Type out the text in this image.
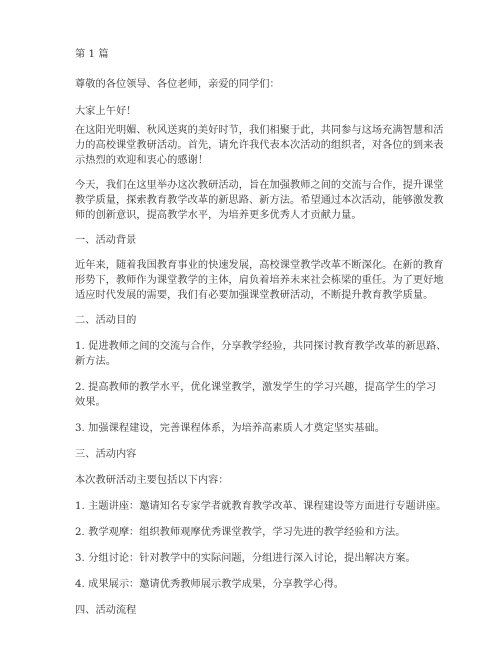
第 1 篇
尊敬的各位领导、各位老师，亲爱的同学们：
大家上午好！
在这阳光明媚、秋风送爽的美好时节，我们相聚于此，共同参与这场充满智慧和活
力的高校课堂教研活动。首先，请允许我代表本次活动的组织者，对各位的到来表
示热烈的欢迎和衷心的感谢！
今天，我们在这里举办这次教研活动，旨在加强教师之间的交流与合作，提升课堂
教学质量，探索教育教学改革的新思路、新方法。希望通过本次活动，能够激发教
师的创新意识，提高教学水平，为培养更多优秀人才贡献力量。
一、活动背景
近年来，随着我国教育事业的快速发展，高校课堂教学改革不断深化。在新的教育
形势下，教师作为课堂教学的主体，肩负着培养未来社会栋梁的重任。为了更好地
适应时代发展的需要，我们有必要加强课堂教研活动，不断提升教育教学质量。
二、活动目的
1. 促进教师之间的交流与合作，分享教学经验，共同探讨教育教学改革的新思路、
新方法。
2. 提高教师的教学水平，优化课堂教学，激发学生的学习兴趣，提高学生的学习
效果。
3. 加强课程建设，完善课程体系，为培养高素质人才奠定坚实基础。
三、活动内容
本次教研活动主要包括以下内容：
1. 主题讲座：邀请知名专家学者就教育教学改革、课程建设等方面进行专题讲座。
2. 教学观摩：组织教师观摩优秀课堂教学，学习先进的教学经验和方法。
3. 分组讨论：针对教学中的实际问题，分组进行深入讨论，提出解决方案。
4. 成果展示：邀请优秀教师展示教学成果，分享教学心得。
四、活动流程
